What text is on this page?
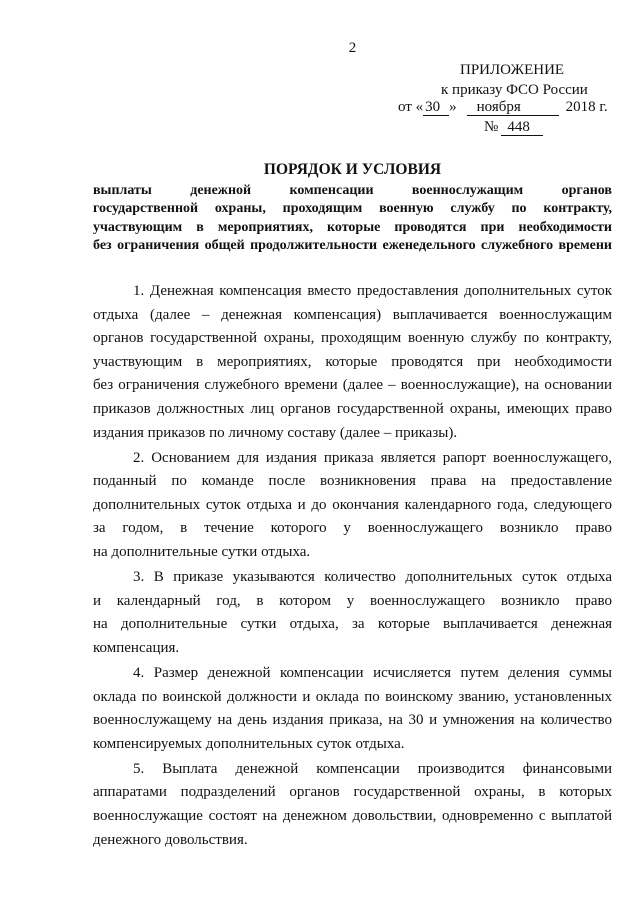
2
ПРИЛОЖЕНИЕ
к приказу ФСО России
от « 30 » ноября	2018 г.
№ 448
ПОРЯДОК И УСЛОВИЯ
выплаты денежной компенсации военнослужащим органов
государственной охраны, проходящим военную службу по контракту,
участвующим в мероприятиях, которые проводятся при необходимости
без ограничения общей продолжительности еженедельного служебного времени
1. Денежная компенсация вместо предоставления дополнительных суток
отдыха (далее – денежная компенсация) выплачивается военнослужащим
органов государственной охраны, проходящим военную службу по контракту,
участвующим в мероприятиях, которые проводятся при необходимости
без ограничения служебного времени (далее – военнослужащие), на основании
приказов должностных лиц органов государственной охраны, имеющих право
издания приказов по личному составу (далее – приказы).
2. Основанием для издания приказа является рапорт военнослужащего,
поданный по команде после возникновения права на предоставление
дополнительных суток отдыха и до окончания календарного года, следующего
за годом, в течение которого у военнослужащего возникло право
на дополнительные сутки отдыха.
3. В приказе указываются количество дополнительных суток отдыха
и календарный год, в котором у военнослужащего возникло право
на дополнительные сутки отдыха, за которые выплачивается денежная
компенсация.
4. Размер денежной компенсации исчисляется путем деления суммы
оклада по воинской должности и оклада по воинскому званию, установленных
военнослужащему на день издания приказа, на 30 и умножения на количество
компенсируемых дополнительных суток отдыха.
5. Выплата денежной компенсации производится финансовыми
аппаратами подразделений органов государственной охраны, в которых
военнослужащие состоят на денежном довольствии, одновременно с выплатой
денежного довольствия.
